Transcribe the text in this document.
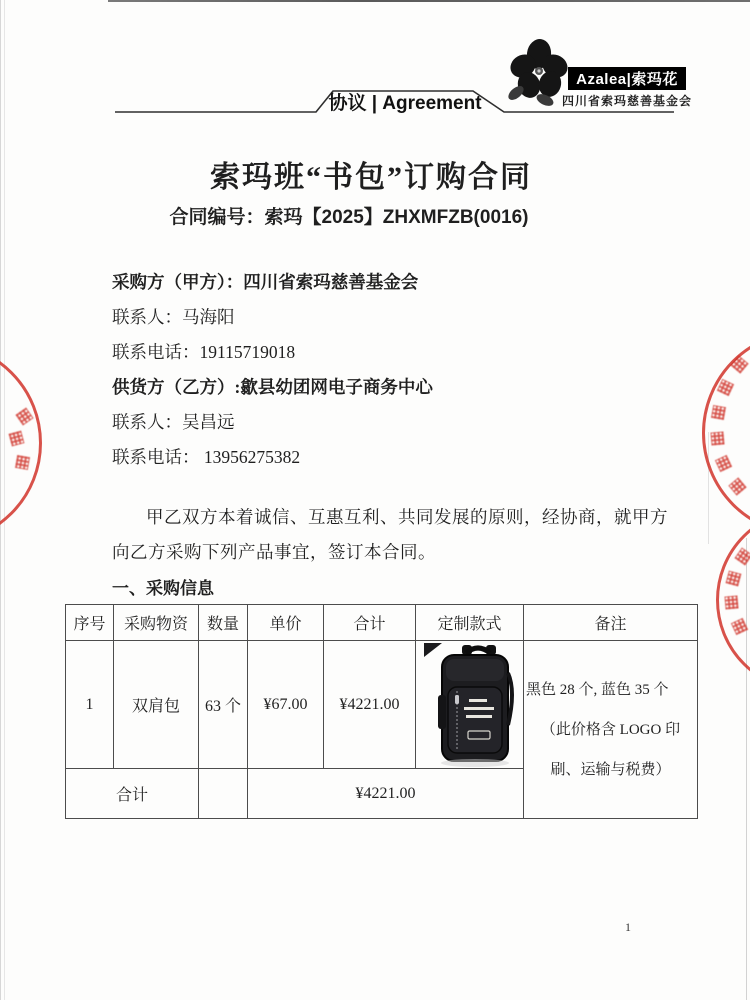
Azalea|索玛花
四川省索玛慈善基金会
协议 | Agreement
索玛班“书包”订购合同
合同编号：索玛【2025】ZHXMFZB(0016)
采购方（甲方）：四川省索玛慈善基金会
联系人：马海阳
联系电话：19115719018
供货方（乙方）:歙县幼团网电子商务中心
联系人：吴昌远
联系电话： 13956275382
甲乙双方本着诚信、互惠互利、共同发展的原则，经协商，就甲方
向乙方采购下列产品事宜，签订本合同。
一、采购信息
序号	采购物资	数量	单价	合计	定制款式	备注
1	双肩包	63 个	¥67.00	¥4221.00		黑色 28 个, 蓝色 35 个
（此价格含 LOGO 印
刷、运输与税费）

合计			¥4221.00			
1
